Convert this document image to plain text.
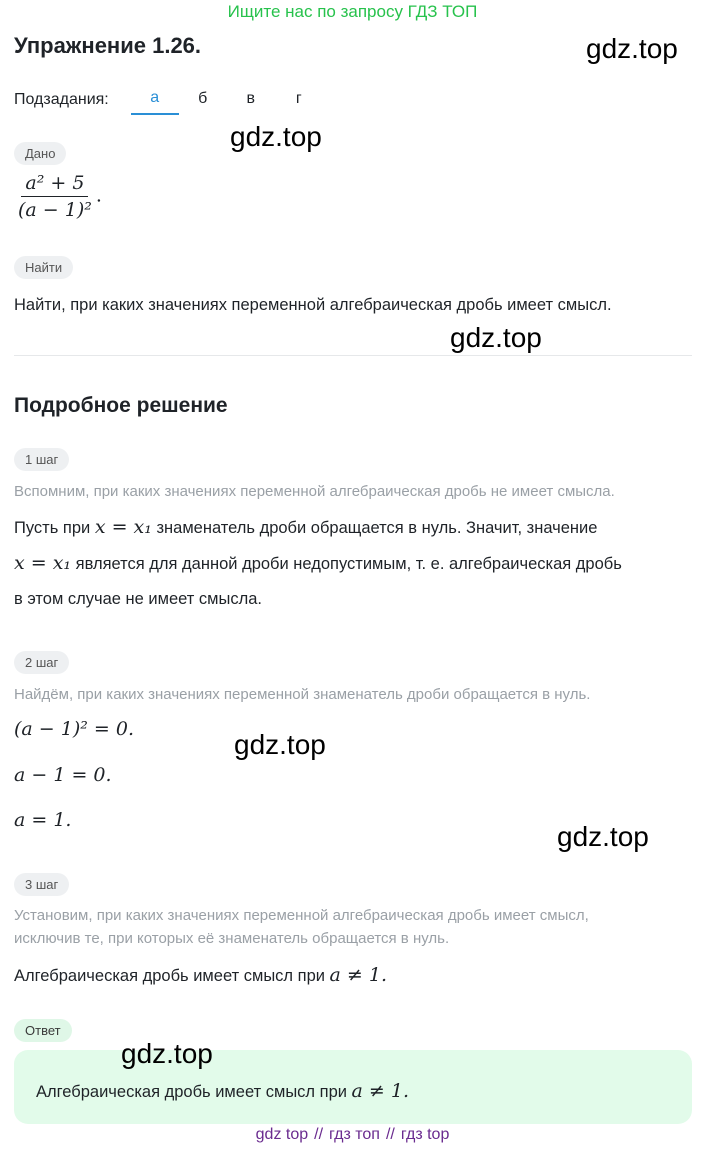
Ищите нас по запросу ГДЗ ТОП
Упражнение 1.26.	gdz.top
Подзадания:	а	б	в	г
gdz.top
Дано
$\frac{\text{a² + 5}}{\text{(a − 1)²}}$ .
Найти
Найти, при каких значениях переменной алгебраическая дробь имеет смысл.
gdz.top
Подробное решение
1 шаг
Вспомним, при каких значениях переменной алгебраическая дробь не имеет смысла.
Пусть при x = x₁ знаменатель дроби обращается в нуль. Значит, значение
x = x₁ является для данной дроби недопустимым, т. е. алгебраическая дробь
в этом случае не имеет смысла.
2 шаг
Найдём, при каких значениях переменной знаменатель дроби обращается в нуль.
(a − 1)² = 0.
a − 1 = 0.
a = 1.
gdz.top
gdz.top
3 шаг
Установим, при каких значениях переменной алгебраическая дробь имеет смысл,
исключив те, при которых её знаменатель обращается в нуль.
Алгебраическая дробь имеет смысл при a ≠ 1.
Ответ
gdz.top
Алгебраическая дробь имеет смысл при a ≠ 1.
gdz top // гдз топ // гдз top
